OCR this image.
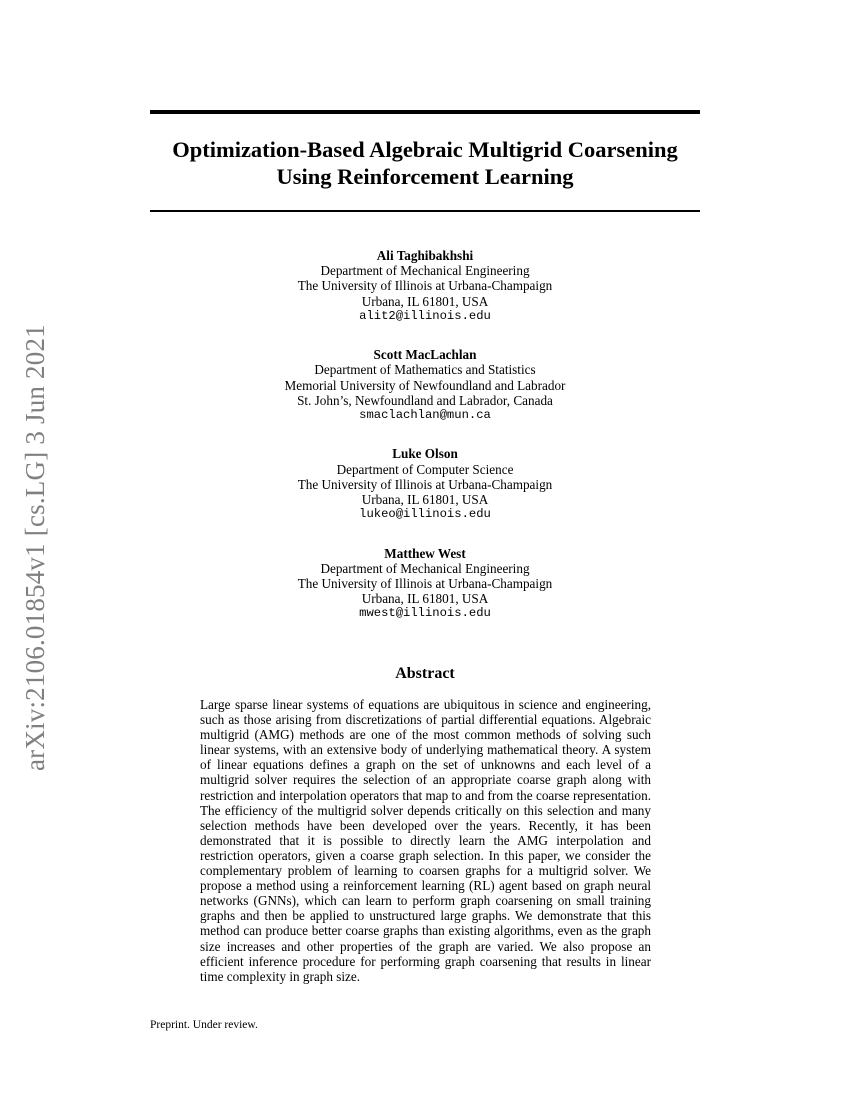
arXiv:2106.01854v1 [cs.LG] 3 Jun 2021
Optimization-Based Algebraic Multigrid Coarsening
Using Reinforcement Learning
Ali Taghibakhshi
Department of Mechanical Engineering
The University of Illinois at Urbana-Champaign
Urbana, IL 61801, USA
alit2@illinois.edu
Scott MacLachlan
Department of Mathematics and Statistics
Memorial University of Newfoundland and Labrador
St. John’s, Newfoundland and Labrador, Canada
smaclachlan@mun.ca
Luke Olson
Department of Computer Science
The University of Illinois at Urbana-Champaign
Urbana, IL 61801, USA
lukeo@illinois.edu
Matthew West
Department of Mechanical Engineering
The University of Illinois at Urbana-Champaign
Urbana, IL 61801, USA
mwest@illinois.edu
Abstract
Large sparse linear systems of equations are ubiquitous in science and engineering, such as those arising from discretizations of partial differential equations. Algebraic multigrid (AMG) methods are one of the most common methods of solving such linear systems, with an extensive body of underlying mathematical theory. A system of linear equations defines a graph on the set of unknowns and each level of a multigrid solver requires the selection of an appropriate coarse graph along with restriction and interpolation operators that map to and from the coarse representation. The efficiency of the multigrid solver depends critically on this selection and many selection methods have been developed over the years. Recently, it has been demonstrated that it is possible to directly learn the AMG interpolation and restriction operators, given a coarse graph selection. In this paper, we consider the complementary problem of learning to coarsen graphs for a multigrid solver. We propose a method using a reinforcement learning (RL) agent based on graph neural networks (GNNs), which can learn to perform graph coarsening on small training graphs and then be applied to unstructured large graphs. We demonstrate that this method can produce better coarse graphs than existing algorithms, even as the graph size increases and other properties of the graph are varied. We also propose an efficient inference procedure for performing graph coarsening that results in linear time complexity in graph size.
Preprint. Under review.
